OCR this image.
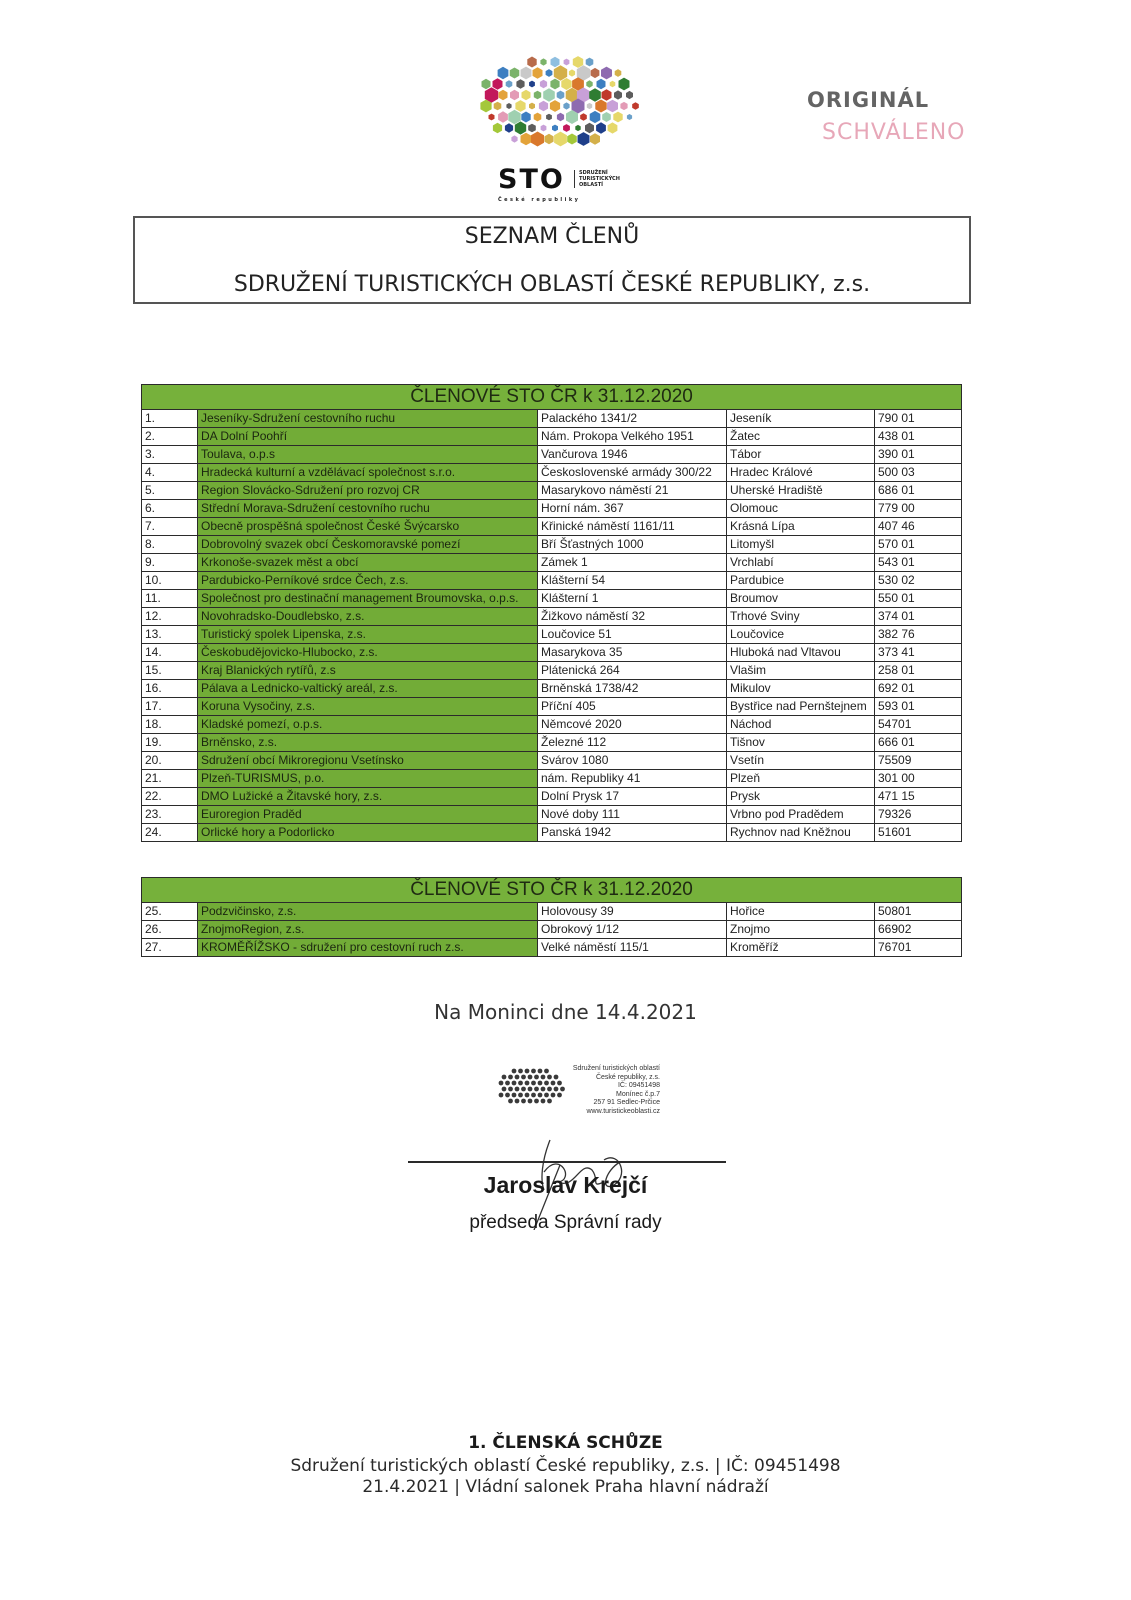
STO	SDRUŽENÍ TURISTICKÝCH OBLASTÍ
České republiky
ORIGINÁL
SCHVÁLENO
SEZNAM ČLENŮ
SDRUŽENÍ TURISTICKÝCH OBLASTÍ ČESKÉ REPUBLIKY, z.s.
ČLENOVÉ STO ČR k 31.12.2020				
1.	Jeseníky-Sdružení cestovního ruchu	Palackého 1341/2	Jeseník	790 01
2.	DA Dolní Poohří	Nám. Prokopa Velkého 1951	Žatec	438 01
3.	Toulava, o.p.s	Vančurova 1946	Tábor	390 01
4.	Hradecká kulturní a vzdělávací společnost s.r.o.	Československé armády 300/22	Hradec Králové	500 03
5.	Region Slovácko-Sdružení pro rozvoj CR	Masarykovo náměstí 21	Uherské Hradiště	686 01
6.	Střední Morava-Sdružení cestovního ruchu	Horní nám. 367	Olomouc	779 00
7.	Obecně prospěšná společnost České Švýcarsko	Křinické náměstí 1161/11	Krásná Lípa	407 46
8.	Dobrovolný svazek obcí Českomoravské pomezí	Bří Šťastných 1000	Litomyšl	570 01
9.	Krkonoše-svazek měst a obcí	Zámek 1	Vrchlabí	543 01
10.	Pardubicko-Perníkové srdce Čech, z.s.	Klášterní 54	Pardubice	530 02
11.	Společnost pro destinační management Broumovska, o.p.s.	Klášterní 1	Broumov	550 01
12.	Novohradsko-Doudlebsko, z.s.	Žižkovo náměstí 32	Trhové Sviny	374 01
13.	Turistický spolek Lipenska, z.s.	Loučovice 51	Loučovice	382 76
14.	Českobudějovicko-Hlubocko, z.s.	Masarykova 35	Hluboká nad Vltavou	373 41
15.	Kraj Blanických rytířů, z.s	Plátenická 264	Vlašim	258 01
16.	Pálava a Lednicko-valtický areál, z.s.	Brněnská 1738/42	Mikulov	692 01
17.	Koruna Vysočiny, z.s.	Příční 405	Bystřice nad Pernštejnem	593 01
18.	Kladské pomezí, o.p.s.	Němcové 2020	Náchod	54701
19.	Brněnsko, z.s.	Železné 112	Tišnov	666 01
20.	Sdružení obcí Mikroregionu Vsetínsko	Svárov 1080	Vsetín	75509
21.	Plzeň-TURISMUS, p.o.	nám. Republiky 41	Plzeň	301 00
22.	DMO Lužické a Žitavské hory, z.s.	Dolní Prysk 17	Prysk	471 15
23.	Euroregion Praděd	Nové doby 111	Vrbno pod Pradědem	79326
24.	Orlické hory a Podorlicko	Panská 1942	Rychnov nad Kněžnou	51601
ČLENOVÉ STO ČR k 31.12.2020				
25.	Podzvičinsko, z.s.	Holovousy 39	Hořice	50801
26.	ZnojmoRegion, z.s.	Obrokový 1/12	Znojmo	66902
27.	KROMĚŘÍŽSKO - sdružení pro cestovní ruch z.s.	Velké náměstí 115/1	Kroměříž	76701
Na Moninci dne 14.4.2021
Sdružení turistických oblastí
České republiky, z.s.
IČ: 09451498
Monínec č.p.7
257 91 Sedlec-Prčice
www.turistickeoblasti.cz
Jaroslav Krejčí
předseda Správní rady
1. ČLENSKÁ SCHŮZE
Sdružení turistických oblastí České republiky, z.s. | IČ: 09451498
21.4.2021 | Vládní salonek Praha hlavní nádraží
